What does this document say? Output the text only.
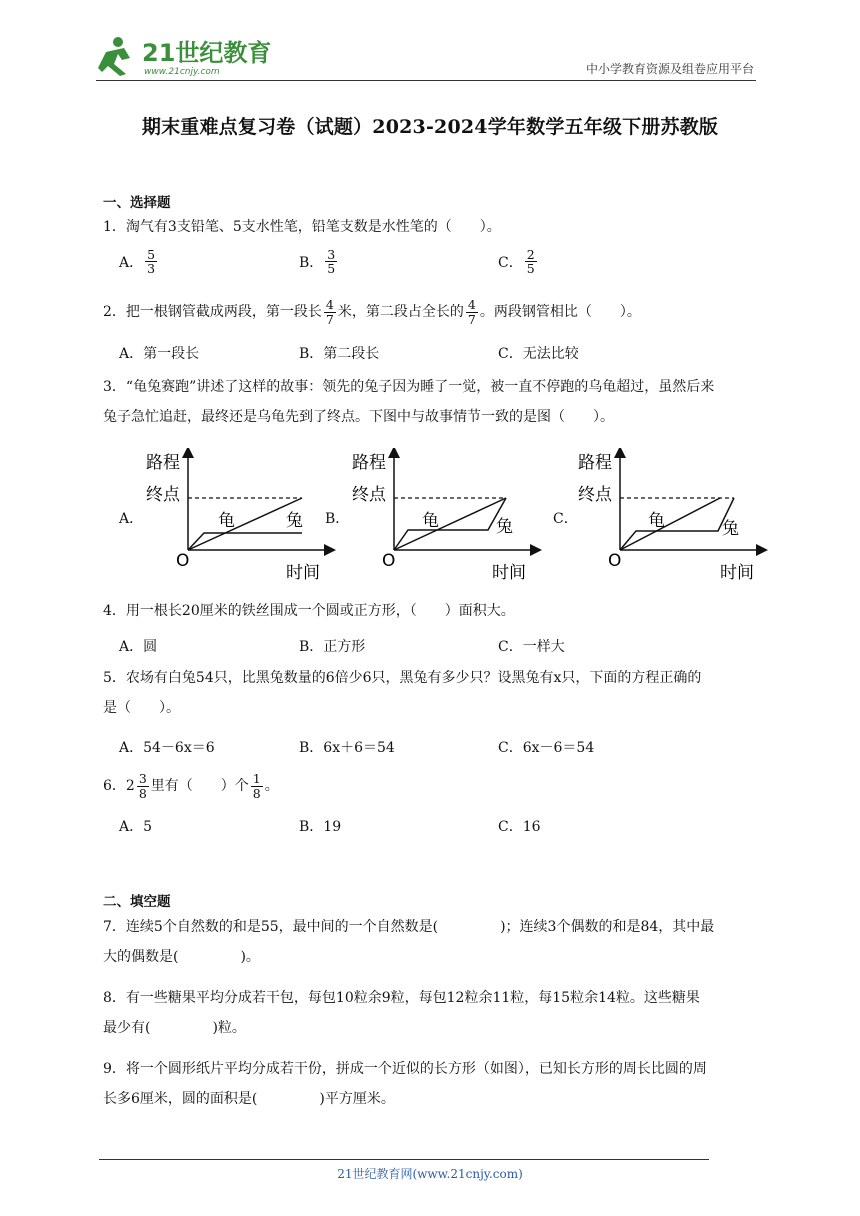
21世纪教育
www.21cnjy.com	中小学教育资源及组卷应用平台
期末重难点复习卷（试题）2023-2024学年数学五年级下册苏教版
一、选择题
1．淘气有3支铅笔、5支水性笔，铅笔支数是水性笔的（　　）。
A． $\frac{5}{3}$	B． $\frac{3}{5}$	C． $\frac{2}{5}$
2．把一根钢管截成两段，第一段长 $\frac{4}{7}$ 米，第二段占全长的 $\frac{4}{7}$ 。两段钢管相比（　　）。
A．第一段长	B．第二段长	C．无法比较
3．“龟兔赛跑”讲述了这样的故事：领先的兔子因为睡了一觉，被一直不停跑的乌龟超过，虽然后来
兔子急忙追赶，最终还是乌龟先到了终点。下图中与故事情节一致的是图（　　）。
A．	B．	C．
路程
终点
O
时间
龟	兔
路程
终点
O
时间
龟	兔
路程
终点
O
时间
龟	兔
4．用一根长20厘米的铁丝围成一个圆或正方形，（　　）面积大。
A．圆	B．正方形	C．一样大
5．农场有白兔54只，比黑兔数量的6倍少6只，黑兔有多少只？设黑兔有x只，下面的方程正确的
是（　　）。
A．54－6x＝6	B．6x＋6＝54	C．6x－6＝54
6． $2 \frac{3}{8}$ 里有（　　）个 $\frac{1}{8}$ 。
A．5	B．19	C．16
二、填空题
7．连续5个自然数的和是55，最中间的一个自然数是(	)；连续3个偶数的和是84，其中最
大的偶数是(	)。
8．有一些糖果平均分成若干包，每包10粒余9粒，每包12粒余11粒，每15粒余14粒。这些糖果
最少有(	)粒。
9．将一个圆形纸片平均分成若干份，拼成一个近似的长方形（如图），已知长方形的周长比圆的周
长多6厘米，圆的面积是(	)平方厘米。
21世纪教育网(www.21cnjy.com)
